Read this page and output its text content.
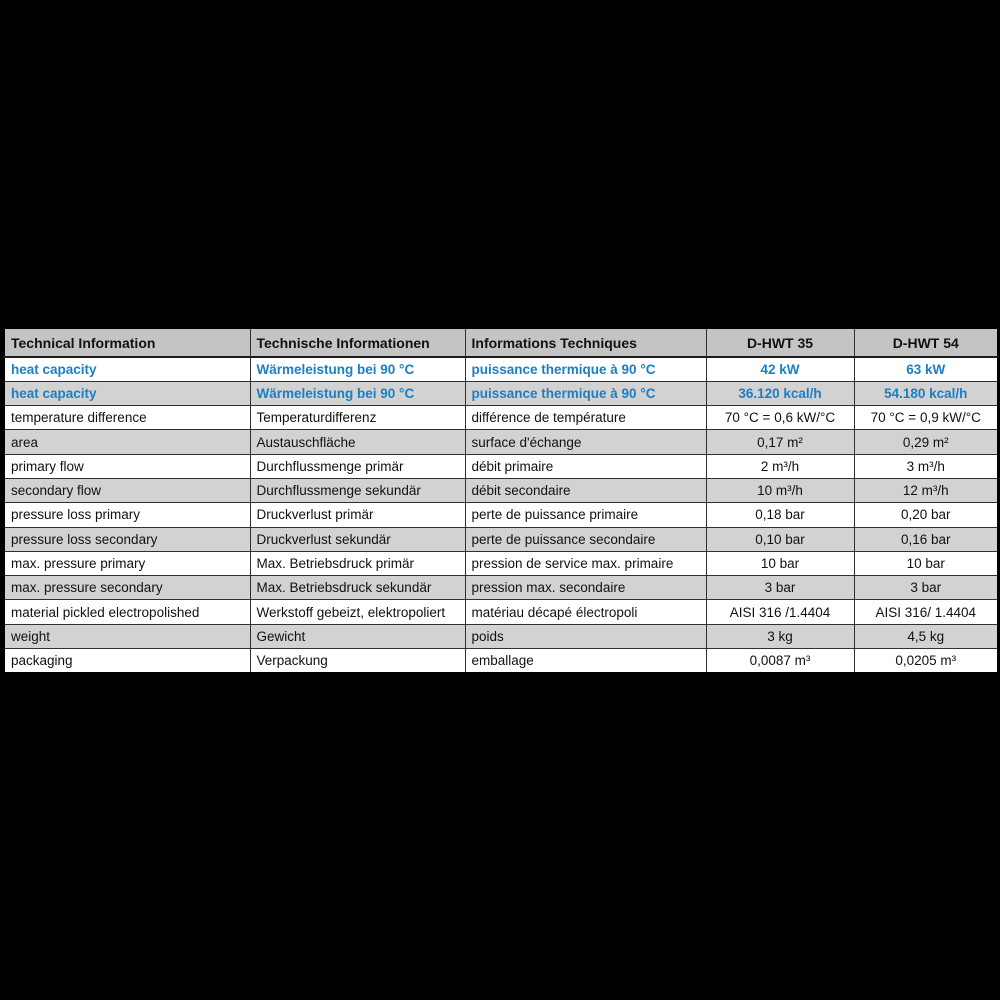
Technical Information	Technische Informationen	Informations Techniques	D-HWT 35	D-HWT 54
heat capacity	Wärmeleistung bei 90 °C	puissance thermique à 90 °C	42 kW	63 kW
heat capacity	Wärmeleistung bei 90 °C	puissance thermique à 90 °C	36.120 kcal/h	54.180 kcal/h
temperature difference	Temperaturdifferenz	différence de température	70 °C = 0,6 kW/°C	70 °C = 0,9 kW/°C
area	Austauschfläche	surface d'échange	0,17 m²	0,29 m²
primary flow	Durchflussmenge primär	débit primaire	2 m³/h	3 m³/h
secondary flow	Durchflussmenge sekundär	débit secondaire	10 m³/h	12 m³/h
pressure loss primary	Druckverlust primär	perte de puissance primaire	0,18 bar	0,20 bar
pressure loss secondary	Druckverlust sekundär	perte de puissance secondaire	0,10 bar	0,16 bar
max. pressure primary	Max. Betriebsdruck primär	pression de service max. primaire	10 bar	10 bar
max. pressure secondary	Max. Betriebsdruck sekundär	pression max. secondaire	3 bar	3 bar
material pickled electropolished	Werkstoff gebeizt, elektropoliert	matériau décapé électropoli	AISI 316 /1.4404	AISI 316/ 1.4404
weight	Gewicht	poids	3 kg	4,5 kg
packaging	Verpackung	emballage	0,0087 m³	0,0205 m³
